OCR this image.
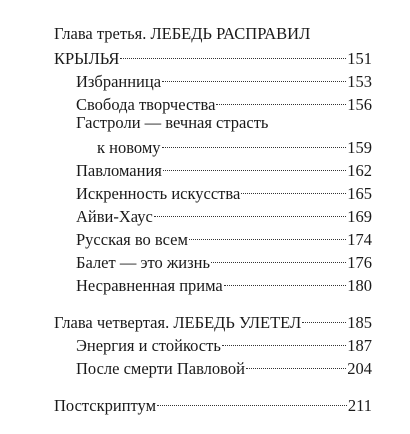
Глава третья. ЛЕБЕДЬ РАСПРАВИЛ
КРЫЛЬЯ	151
Избранница	153
Свобода творчества	156
Гастроли — вечная страсть
к новому	159
Павломания	162
Искренность искусства	165
Айви-Хаус	169
Русская во всем	174
Балет — это жизнь	176
Несравненная прима	180
Глава четвертая. ЛЕБЕДЬ УЛЕТЕЛ	185
Энергия и стойкость	187
После смерти Павловой	204
Постскриптум	211
